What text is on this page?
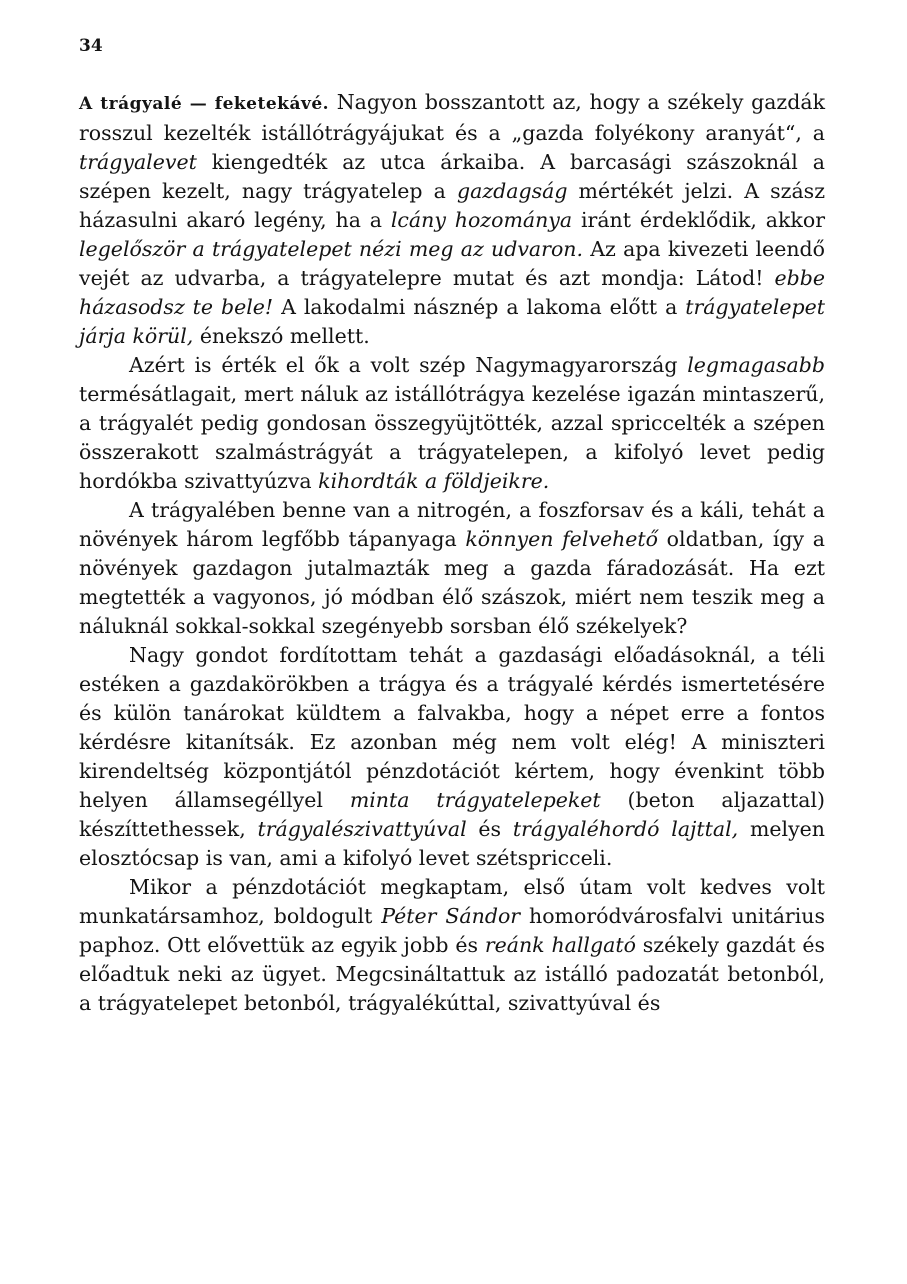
34

A trágyalé — feketekávé. Nagyon bosszantott az, hogy a székely gazdák rosszul kezelték istállótrágyájukat és a „gazda folyékony aranyát“, a trágyalevet kiengedték az utca árkaiba. A barcasági szászoknál a szépen kezelt, nagy trágyatelep a gazdagság mértékét jelzi. A szász házasulni akaró legény, ha a lcány hozománya iránt érdeklődik, akkor legelőször a trágyatelepet nézi meg az udvaron. Az apa kivezeti leendő vejét az udvarba, a trágyatelepre mutat és azt mondja: Látod! ebbe házasodsz te bele! A lakodalmi násznép a lakoma előtt a trágyatelepet járja körül, énekszó mellett.

Azért is érték el ők a volt szép Nagymagyarország legmagasabb termésátlagait, mert náluk az istállótrágya kezelése igazán mintaszerű, a trágyalét pedig gondosan összegyüjtötték, azzal spriccelték a szépen összerakott szalmástrágyát a trágyatelepen, a kifolyó levet pedig hordókba szivattyúzva kihordták a földjeikre.

A trágyalében benne van a nitrogén, a foszforsav és a káli, tehát a növények három legfőbb tápanyaga könnyen felvehető oldatban, így a növények gazdagon jutalmazták meg a gazda fáradozását. Ha ezt megtették a vagyonos, jó módban élő szászok, miért nem teszik meg a náluknál sokkal-sokkal szegényebb sorsban élő székelyek?

Nagy gondot fordítottam tehát a gazdasági előadásoknál, a téli estéken a gazdakörökben a trágya és a trágyalé kérdés ismertetésére és külön tanárokat küldtem a falvakba, hogy a népet erre a fontos kérdésre kitanítsák. Ez azonban még nem volt elég! A miniszteri kirendeltség központjától pénzdotációt kértem, hogy évenkint több helyen államsegéllyel minta trágyatelepeket (beton aljazattal) készíttethessek, trágyalészivattyúval és trágyaléhordó lajttal, melyen elosztócsap is van, ami a kifolyó levet szétspricceli.

Mikor a pénzdotációt megkaptam, első útam volt kedves volt munkatársamhoz, boldogult Péter Sándor homoródvárosfalvi unitárius paphoz. Ott elővettük az egyik jobb és reánk hallgató székely gazdát és előadtuk neki az ügyet. Megcsináltattuk az istálló padozatát betonból, a trágyatelepet betonból, trágyalékúttal, szivattyúval és
